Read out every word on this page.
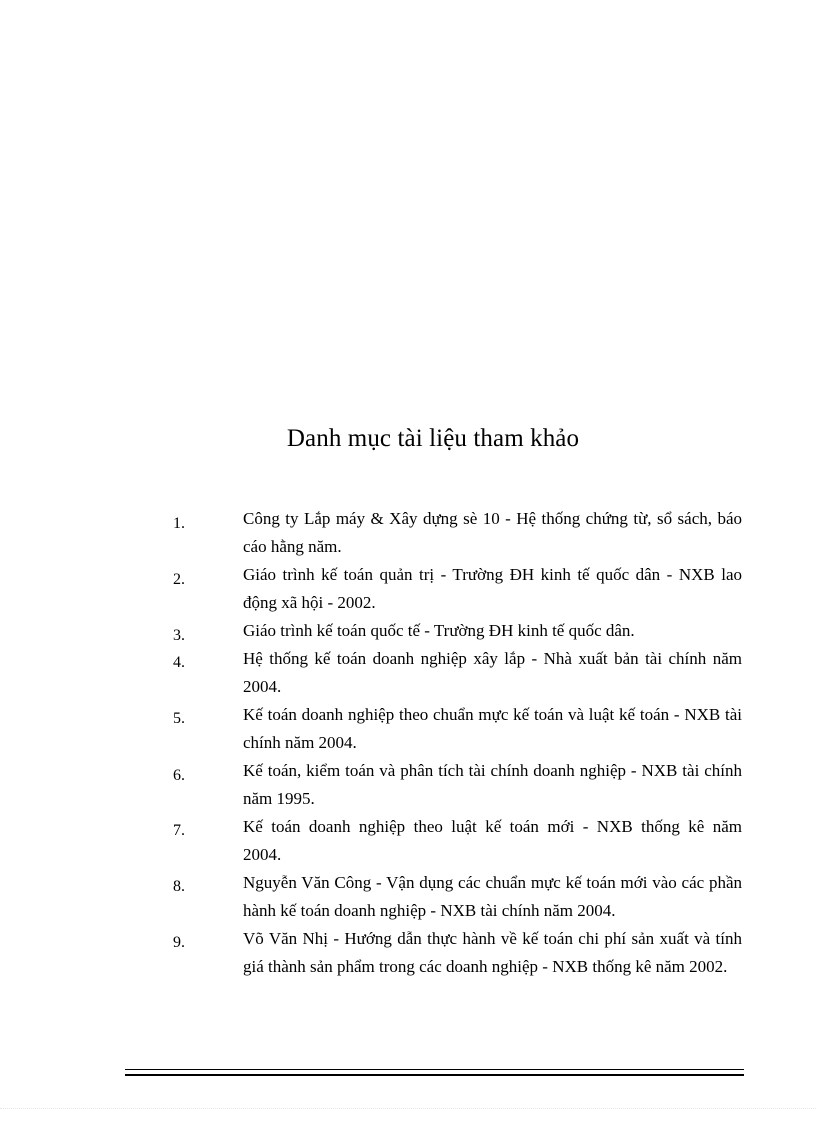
Danh mục tài liệu tham khảo
1.	Công ty Lắp máy & Xây dựng sè 10 - Hệ thống chứng từ, sổ sách, báo cáo hằng năm.
2.	Giáo trình kế toán quản trị - Trường ĐH kinh tế quốc dân - NXB lao động xã hội - 2002.
3.	Giáo trình kế toán quốc tế - Trường ĐH kinh tế quốc dân.
4.	Hệ thống kế toán doanh nghiệp xây lắp - Nhà xuất bản tài chính năm 2004.
5.	Kế toán doanh nghiệp theo chuẩn mực kế toán và luật kế toán - NXB tài chính năm 2004.
6.	Kế toán, kiểm toán và phân tích tài chính doanh nghiệp - NXB tài chính năm 1995.
7.	Kế toán doanh nghiệp theo luật kế toán mới - NXB thống kê năm 2004.
8.	Nguyễn Văn Công - Vận dụng các chuẩn mực kế toán mới vào các phần hành kế toán doanh nghiệp - NXB tài chính năm 2004.
9.	Võ Văn Nhị - Hướng dẫn thực hành về kế toán chi phí sản xuất và tính giá thành sản phẩm trong các doanh nghiệp - NXB thống kê năm 2002.
